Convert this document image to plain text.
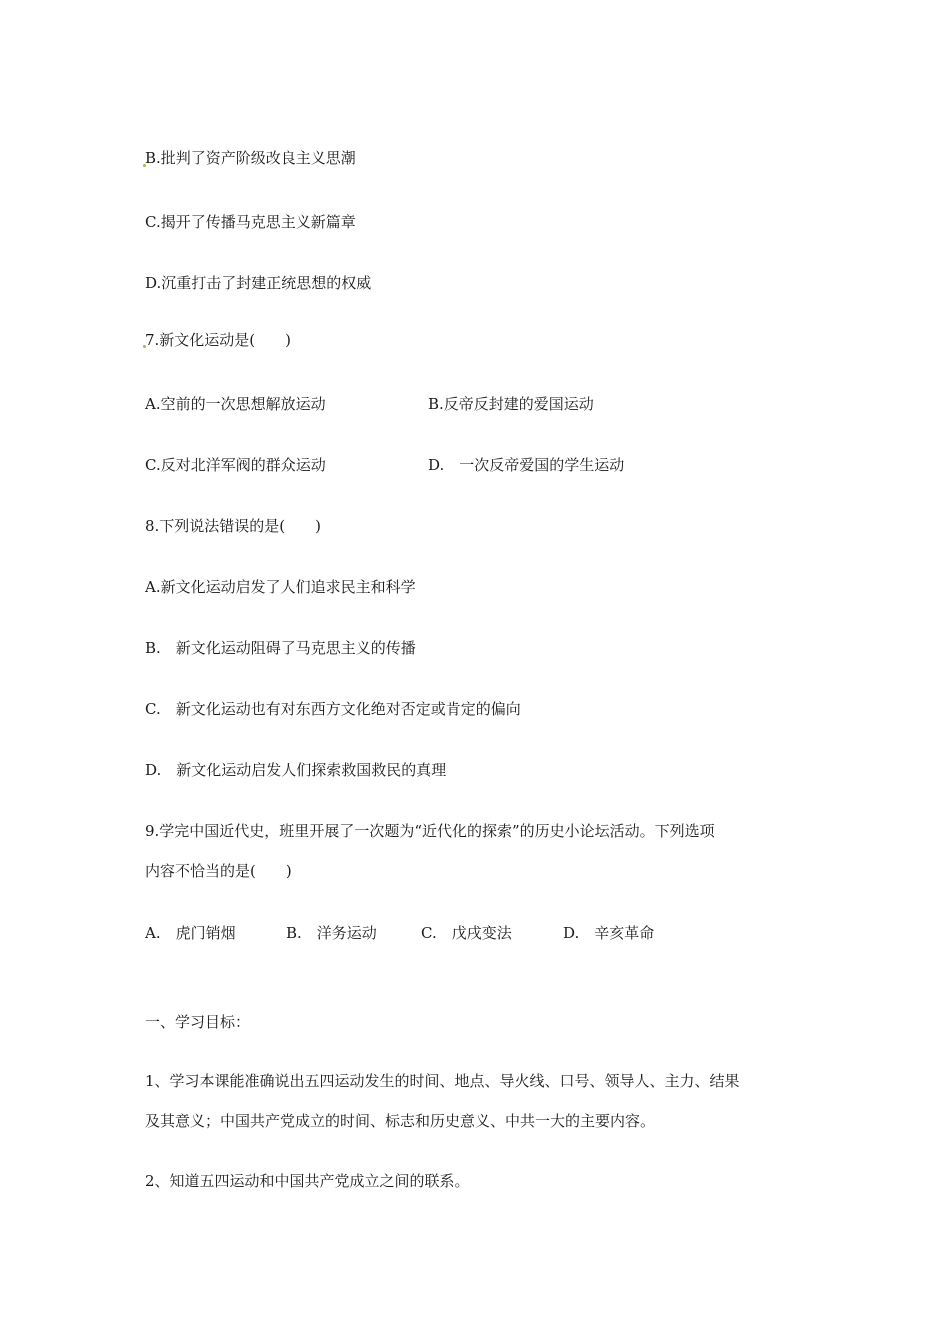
B.批判了资产阶级改良主义思潮
C.揭开了传播马克思主义新篇章
D.沉重打击了封建正统思想的权威
7.新文化运动是(　　)
A.空前的一次思想解放运动	B.反帝反封建的爱国运动
C.反对北洋军阀的群众运动	D.　一次反帝爱国的学生运动
8.下列说法错误的是(　　)
A.新文化运动启发了人们追求民主和科学
B.　新文化运动阻碍了马克思主义的传播
C.　新文化运动也有对东西方文化绝对否定或肯定的偏向
D.　新文化运动启发人们探索救国救民的真理
9.学完中国近代史，班里开展了一次题为“近代化的探索”的历史小论坛活动。下列选项
内容不恰当的是(　　)
A.　虎门销烟	B.　洋务运动	C.　戊戌变法	D.　辛亥革命
一、学习目标：
1、学习本课能准确说出五四运动发生的时间、地点、导火线、口号、领导人、主力、结果
及其意义；中国共产党成立的时间、标志和历史意义、中共一大的主要内容。
2、知道五四运动和中国共产党成立之间的联系。
